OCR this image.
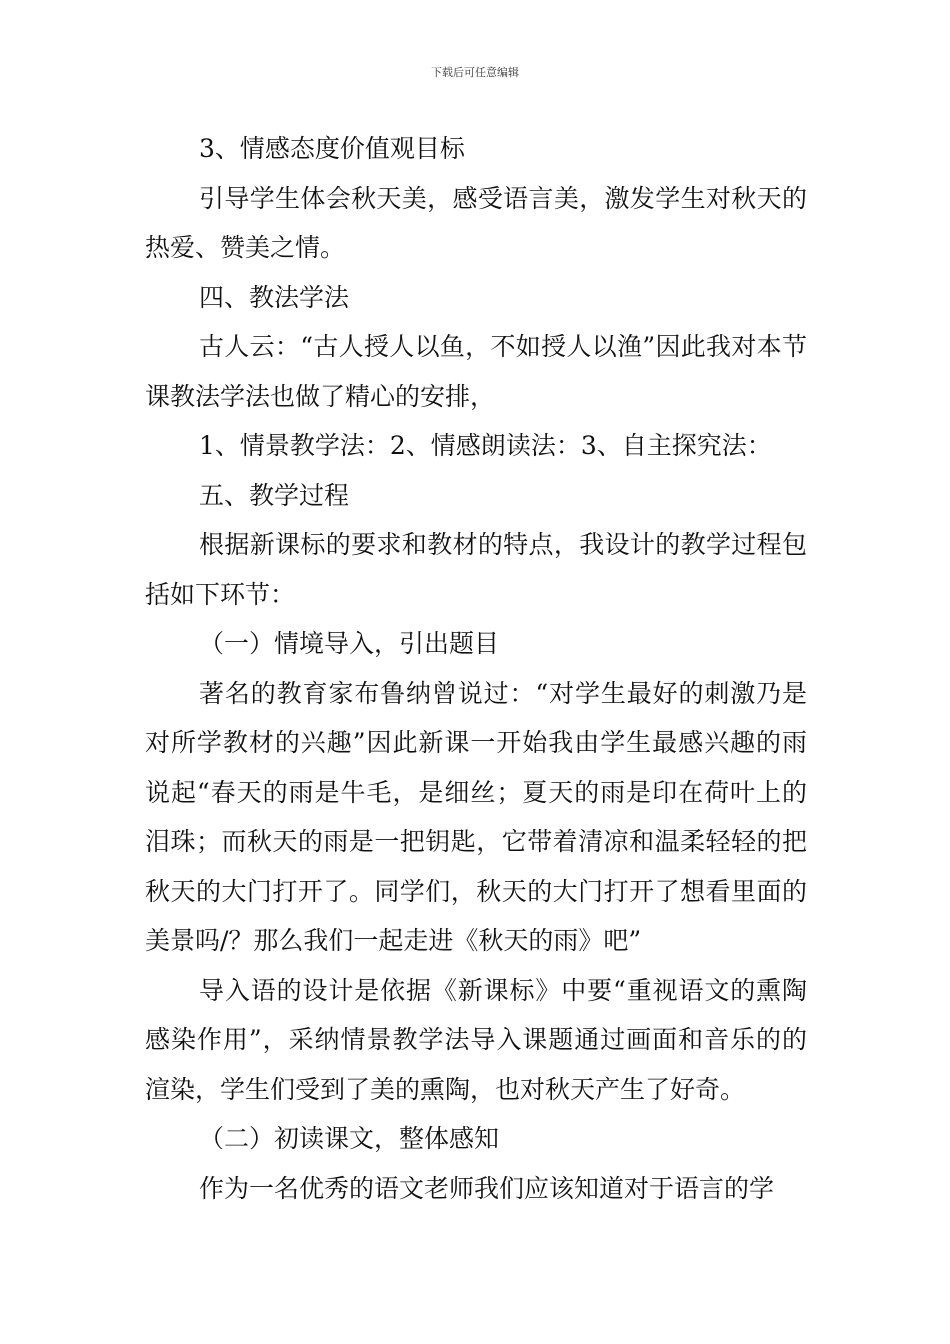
下载后可任意编辑

3、情感态度价值观目标

引导学生体会秋天美，感受语言美，激发学生对秋天的热爱、赞美之情。

四、教法学法

古人云：“古人授人以鱼，不如授人以渔”因此我对本节课教法学法也做了精心的安排，

1、情景教学法：2、情感朗读法：3、自主探究法：

五、教学过程

根据新课标的要求和教材的特点，我设计的教学过程包括如下环节：

（一）情境导入，引出题目

著名的教育家布鲁纳曾说过：“对学生最好的刺激乃是对所学教材的兴趣”因此新课一开始我由学生最感兴趣的雨说起“春天的雨是牛毛，是细丝；夏天的雨是印在荷叶上的泪珠；而秋天的雨是一把钥匙，它带着清凉和温柔轻轻的把秋天的大门打开了。同学们，秋天的大门打开了想看里面的美景吗/？那么我们一起走进《秋天的雨》吧”

导入语的设计是依据《新课标》中要“重视语文的熏陶感染作用”，采纳情景教学法导入课题通过画面和音乐的的渲染，学生们受到了美的熏陶，也对秋天产生了好奇。

（二）初读课文，整体感知

作为一名优秀的语文老师我们应该知道对于语言的学
